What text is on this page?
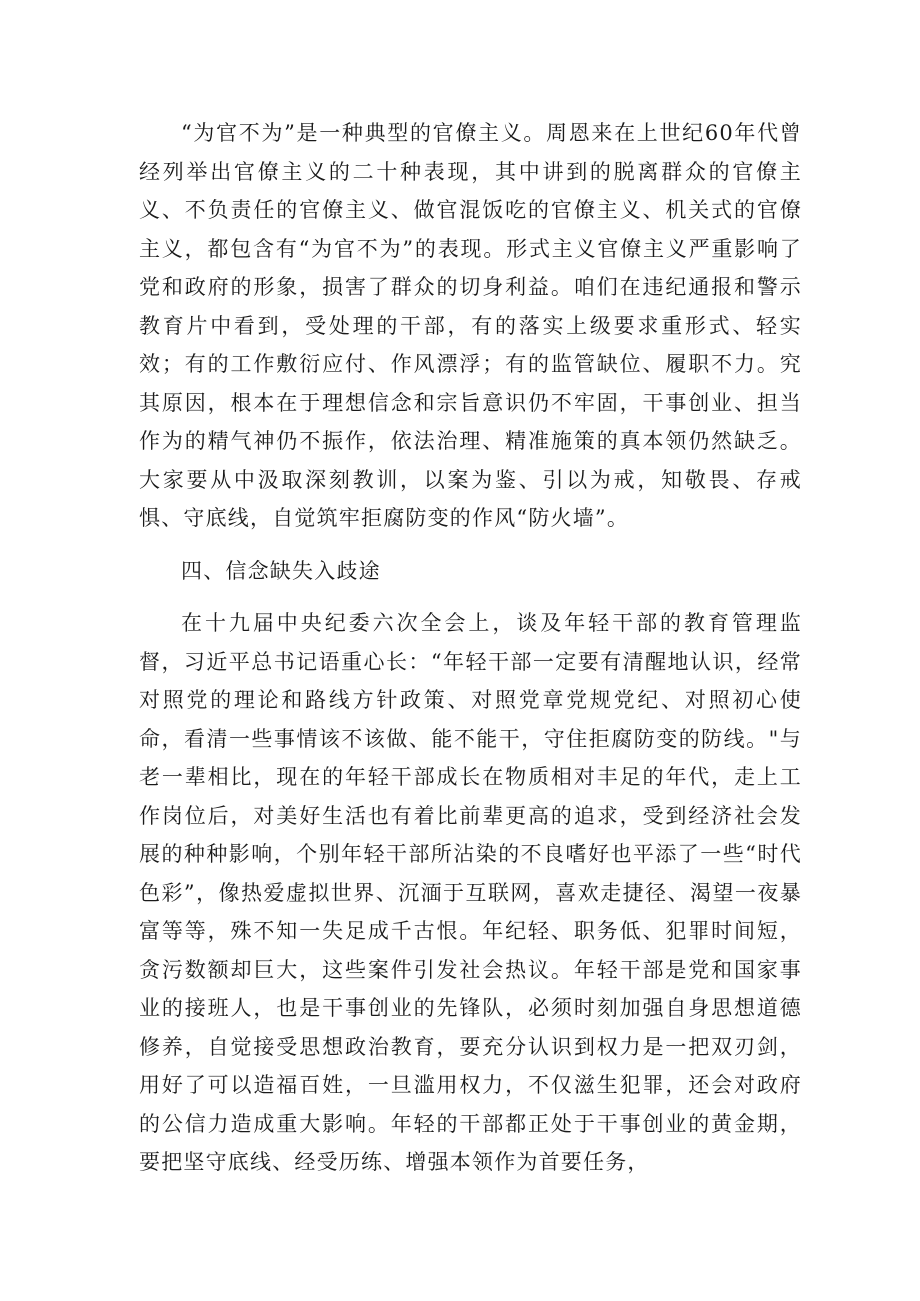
“为官不为”是一种典型的官僚主义。周恩来在上世纪60年代曾经列举出官僚主义的二十种表现，其中讲到的脱离群众的官僚主义、不负责任的官僚主义、做官混饭吃的官僚主义、机关式的官僚主义，都包含有“为官不为”的表现。形式主义官僚主义严重影响了党和政府的形象，损害了群众的切身利益。咱们在违纪通报和警示教育片中看到，受处理的干部，有的落实上级要求重形式、轻实效；有的工作敷衍应付、作风漂浮；有的监管缺位、履职不力。究其原因，根本在于理想信念和宗旨意识仍不牢固，干事创业、担当作为的精气神仍不振作，依法治理、精准施策的真本领仍然缺乏。大家要从中汲取深刻教训，以案为鉴、引以为戒，知敬畏、存戒惧、守底线，自觉筑牢拒腐防变的作风“防火墙”。

四、信念缺失入歧途

在十九届中央纪委六次全会上，谈及年轻干部的教育管理监督，习近平总书记语重心长：“年轻干部一定要有清醒地认识，经常对照党的理论和路线方针政策、对照党章党规党纪、对照初心使命，看清一些事情该不该做、能不能干，守住拒腐防变的防线。"与老一辈相比，现在的年轻干部成长在物质相对丰足的年代，走上工作岗位后，对美好生活也有着比前辈更高的追求，受到经济社会发展的种种影响，个别年轻干部所沾染的不良嗜好也平添了一些“时代色彩”，像热爱虚拟世界、沉湎于互联网，喜欢走捷径、渴望一夜暴富等等，殊不知一失足成千古恨。年纪轻、职务低、犯罪时间短，贪污数额却巨大，这些案件引发社会热议。年轻干部是党和国家事业的接班人，也是干事创业的先锋队，必须时刻加强自身思想道德修养，自觉接受思想政治教育，要充分认识到权力是一把双刃剑，用好了可以造福百姓，一旦滥用权力，不仅滋生犯罪，还会对政府的公信力造成重大影响。年轻的干部都正处于干事创业的黄金期，要把坚守底线、经受历练、增强本领作为首要任务，
